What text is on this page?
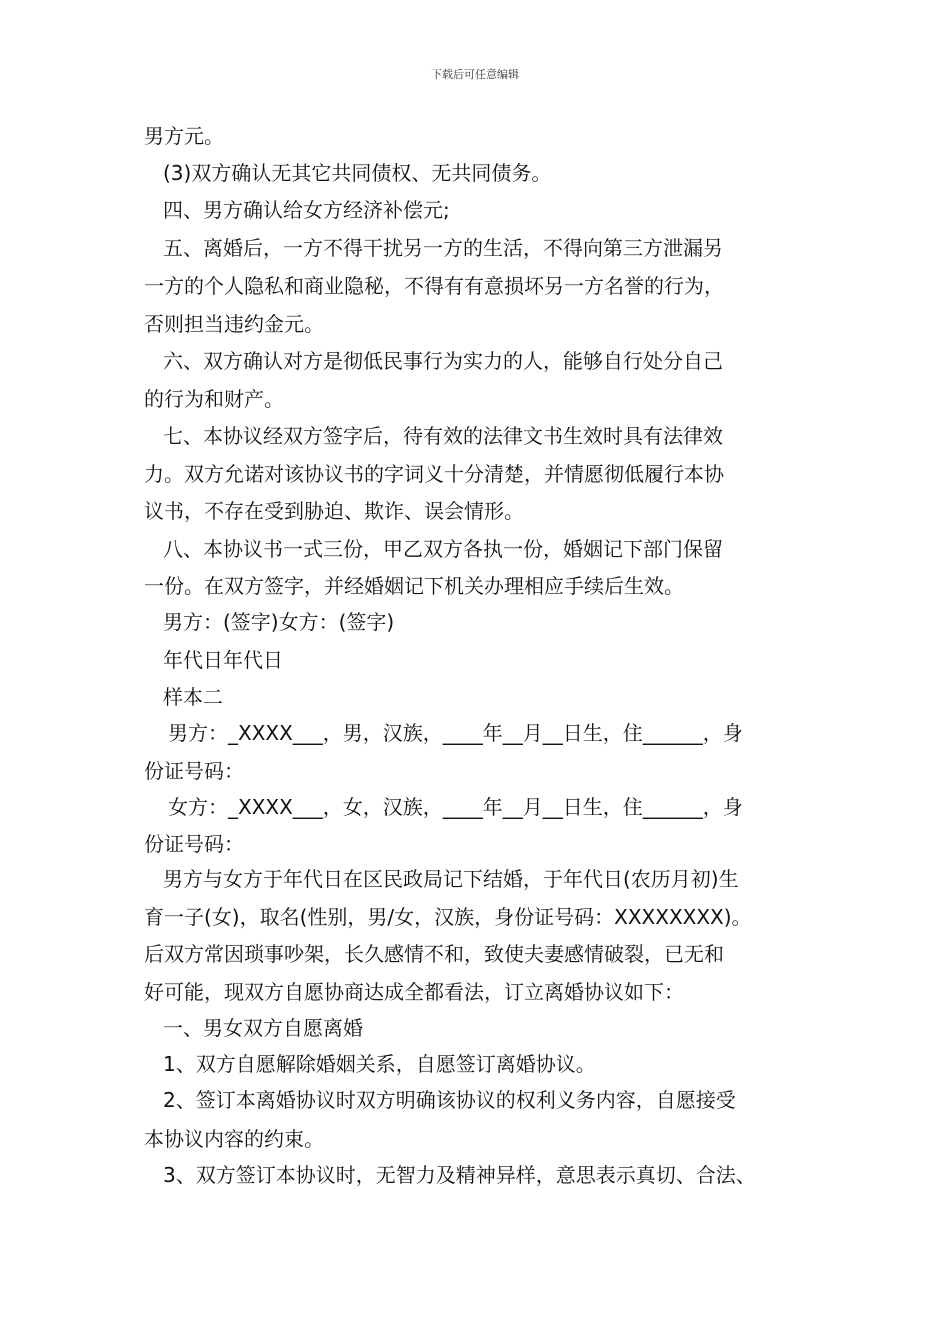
下载后可任意编辑
男方元。
(3)双方确认无其它共同债权、无共同债务。
四、男方确认给女方经济补偿元;
五、离婚后，一方不得干扰另一方的生活，不得向第三方泄漏另
一方的个人隐私和商业隐秘，不得有有意损坏另一方名誉的行为，
否则担当违约金元。
六、双方确认对方是彻低民事行为实力的人，能够自行处分自己
的行为和财产。
七、本协议经双方签字后，待有效的法律文书生效时具有法律效
力。双方允诺对该协议书的字词义十分清楚，并情愿彻低履行本协
议书，不存在受到胁迫、欺诈、误会情形。
八、本协议书一式三份，甲乙双方各执一份，婚姻记下部门保留
一份。在双方签字，并经婚姻记下机关办理相应手续后生效。
男方：(签字)女方：(签字)
年代日年代日
样本二
男方：_XXXX___，男，汉族，____年__月__日生，住______，身
份证号码：
女方：_XXXX___，女，汉族，____年__月__日生，住______，身
份证号码：
男方与女方于年代日在区民政局记下结婚，于年代日(农历月初)生
育一子(女)，取名(性别，男/女，汉族，身份证号码：XXXXXXXX)。
后双方常因琐事吵架，长久感情不和，致使夫妻感情破裂，已无和
好可能，现双方自愿协商达成全都看法，订立离婚协议如下：
一、男女双方自愿离婚
1、双方自愿解除婚姻关系，自愿签订离婚协议。
2、签订本离婚协议时双方明确该协议的权利义务内容，自愿接受
本协议内容的约束。
3、双方签订本协议时，无智力及精神异样，意思表示真切、合法、
